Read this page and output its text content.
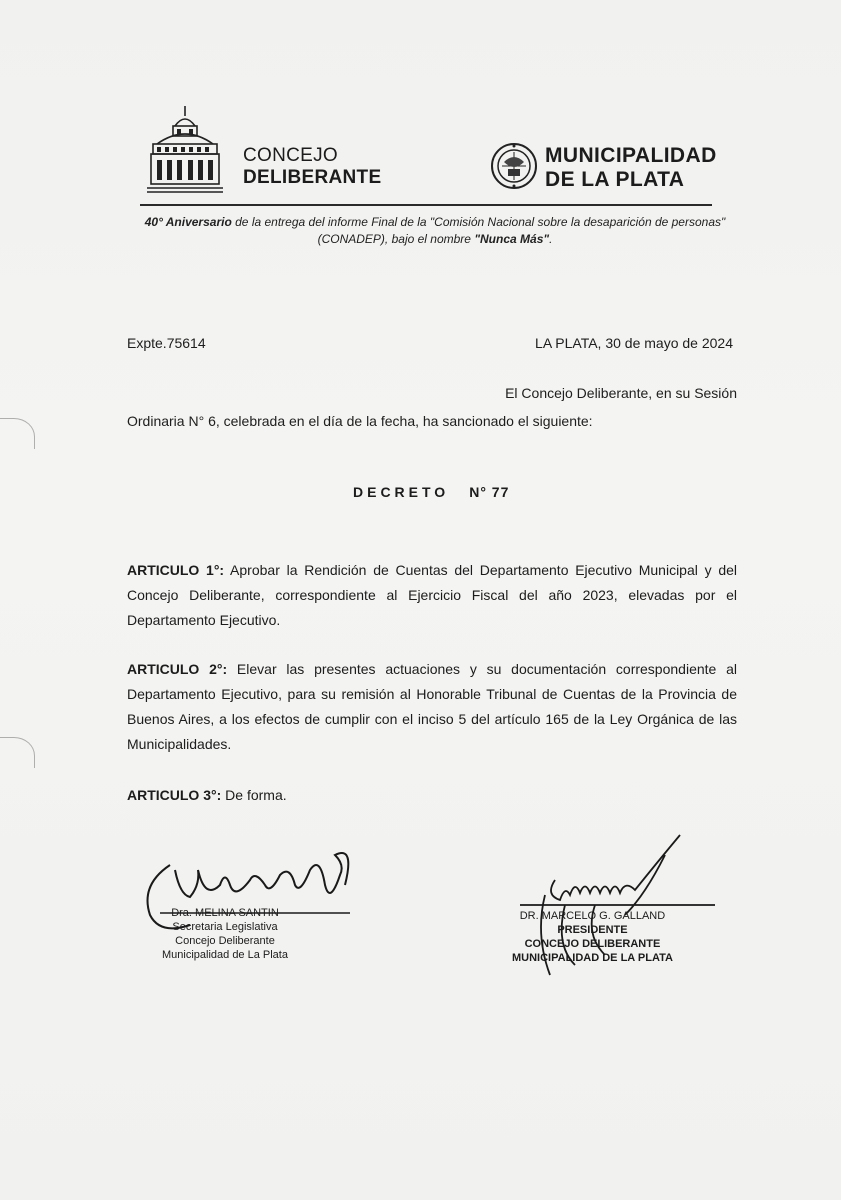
CONCEJO
DELIBERANTE
MUNICIPALIDAD
DE LA PLATA
40° Aniversario de la entrega del informe Final de la "Comisión Nacional sobre la desaparición de personas" (CONADEP), bajo el nombre "Nunca Más".
Expte.75614	LA PLATA, 30 de mayo de 2024
El Concejo Deliberante, en su Sesión
Ordinaria N° 6, celebrada en el día de la fecha, ha sancionado el siguiente:
DECRETO N° 77
ARTICULO 1°: Aprobar la Rendición de Cuentas del Departamento Ejecutivo Municipal y del Concejo Deliberante, correspondiente al Ejercicio Fiscal del año 2023, elevadas por el Departamento Ejecutivo.
ARTICULO 2°: Elevar las presentes actuaciones y su documentación correspondiente al Departamento Ejecutivo, para su remisión al Honorable Tribunal de Cuentas de la Provincia de Buenos Aires, a los efectos de cumplir con el inciso 5 del artículo 165 de la Ley Orgánica de las Municipalidades.
ARTICULO 3°: De forma.
Dra. MELINA SANTIN
Secretaria Legislativa
Concejo Deliberante
Municipalidad de La Plata
DR. MARCELO G. GALLAND
PRESIDENTE
CONCEJO DELIBERANTE
MUNICIPALIDAD DE LA PLATA
